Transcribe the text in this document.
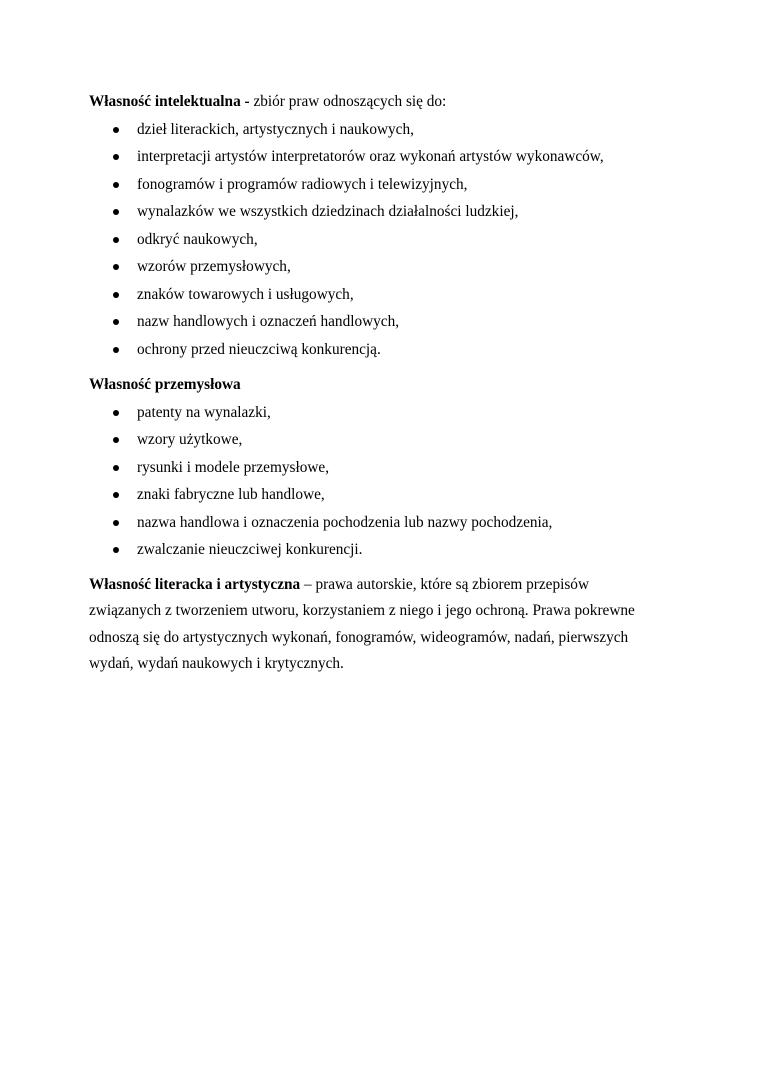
Własność intelektualna - zbiór praw odnoszących się do:

dzieł literackich, artystycznych i naukowych,
interpretacji artystów interpretatorów oraz wykonań artystów wykonawców,
fonogramów i programów radiowych i telewizyjnych,
wynalazków we wszystkich dziedzinach działalności ludzkiej,
odkryć naukowych,
wzorów przemysłowych,
znaków towarowych i usługowych,
nazw handlowych i oznaczeń handlowych,
ochrony przed nieuczciwą konkurencją.

Własność przemysłowa

patenty na wynalazki,
wzory użytkowe,
rysunki i modele przemysłowe,
znaki fabryczne lub handlowe,
nazwa handlowa i oznaczenia pochodzenia lub nazwy pochodzenia,
zwalczanie nieuczciwej konkurencji.
Własność literacka i artystyczna – prawa autorskie, które są zbiorem przepisów
związanych z tworzeniem utworu, korzystaniem z niego i jego ochroną. Prawa pokrewne
odnoszą się do artystycznych wykonań, fonogramów, wideogramów, nadań, pierwszych
wydań, wydań naukowych i krytycznych.
